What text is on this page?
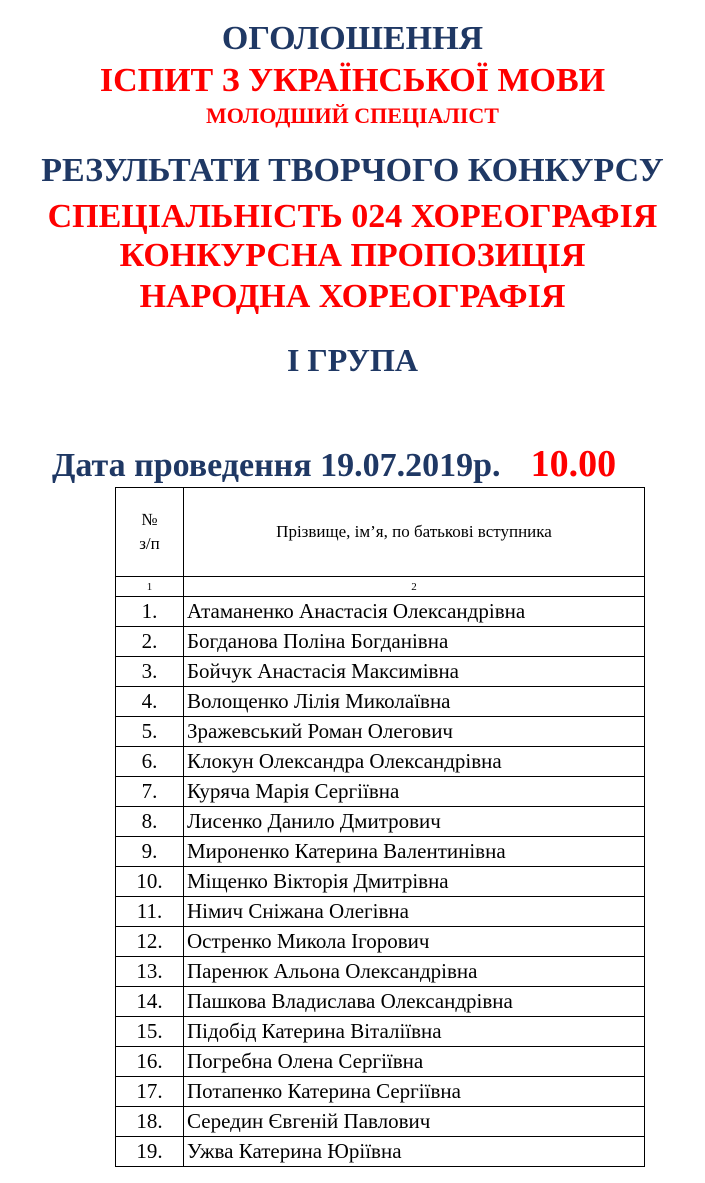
ОГОЛОШЕННЯ

ІСПИТ З УКРАЇНСЬКОЇ МОВИ

МОЛОДШИЙ СПЕЦІАЛІСТ

РЕЗУЛЬТАТИ ТВОРЧОГО КОНКУРСУ

СПЕЦІАЛЬНІСТЬ 024 ХОРЕОГРАФІЯ

КОНКУРСНА ПРОПОЗИЦІЯ

НАРОДНА ХОРЕОГРАФІЯ

І ГРУПА

Дата проведення 19.07.2019р. 10.00

№
з/п	Прізвище, ім’я, по батькові вступника
1	2
1.	Атаманенко Анастасія Олександрівна
2.	Богданова Поліна Богданівна
3.	Бойчук Анастасія Максимівна
4.	Волощенко Лілія Миколаївна
5.	Зражевський Роман Олегович
6.	Клокун Олександра Олександрівна
7.	Куряча Марія Сергіївна
8.	Лисенко Данило Дмитрович
9.	Мироненко Катерина Валентинівна
10.	Міщенко Вікторія Дмитрівна
11.	Німич Сніжана Олегівна
12.	Остренко Микола Ігорович
13.	Паренюк Альона Олександрівна
14.	Пашкова Владислава Олександрівна
15.	Підобід Катерина Віталіївна
16.	Погребна Олена Сергіївна
17.	Потапенко Катерина Сергіївна
18.	Середин Євгеній Павлович
19.	Ужва Катерина Юріївна
